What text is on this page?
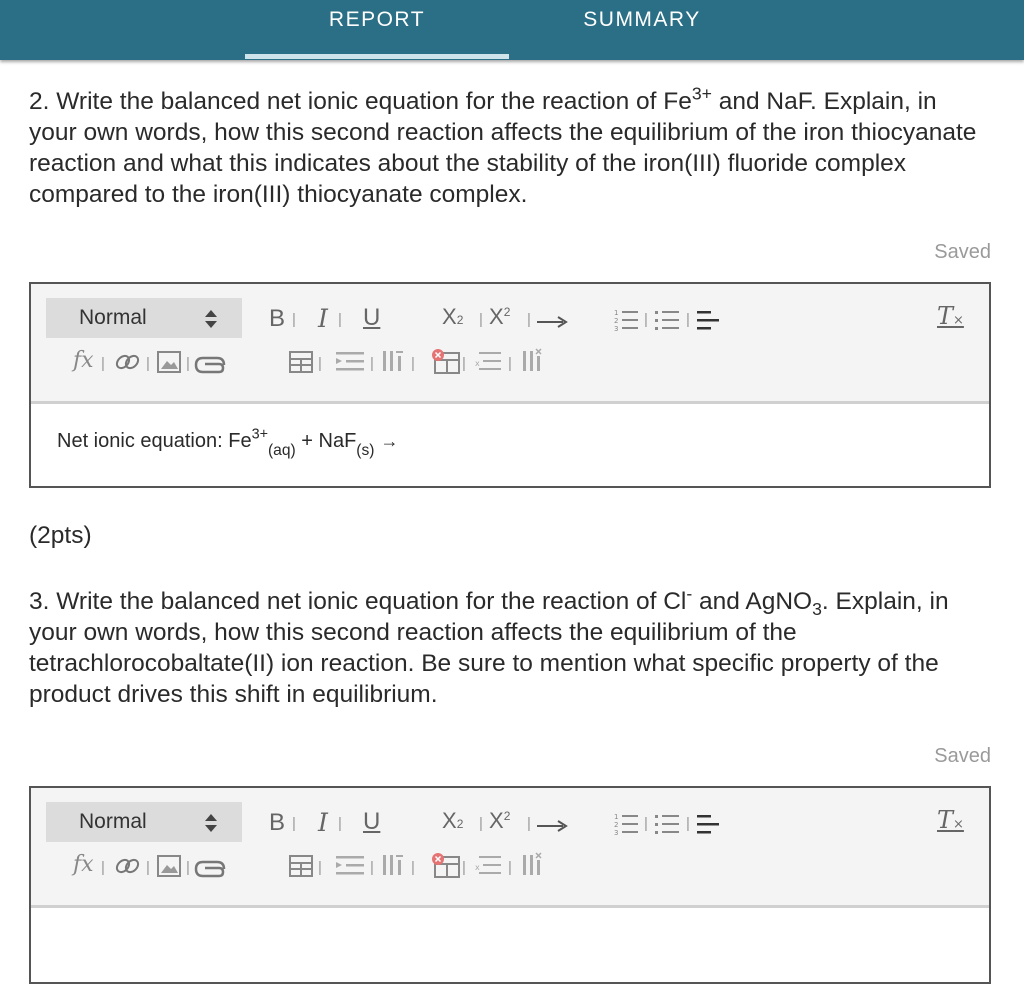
REPORT	SUMMARY
2. Write the balanced net ionic equation for the reaction of $Fe^{3+}$ and NaF. Explain, in your own words, how this second reaction affects the equilibrium of the iron thiocyanate reaction and what this indicates about the stability of the iron(III) fluoride complex compared to the iron(III) thiocyanate complex.
Saved
Normal	B | I | U	X2 | $X^2$ |	1
2
3
|	|	T×
fx |	| |	|	| |	| x |
Net ionic equation: $Fe^{3+}_{(aq)} + NaF_{(s)}$ →
(2pts)
3. Write the balanced net ionic equation for the reaction of Cl- and AgNO$_3$. Explain, in your own words, how this second reaction affects the equilibrium of the tetrachlorocobaltate(II) ion reaction. Be sure to mention what specific property of the product drives this shift in equilibrium.
Saved
Normal	B | I | U	X2 | $X^2$ |	1
2
3
|	|	T×
fx |	| |	|	| |	| x |
